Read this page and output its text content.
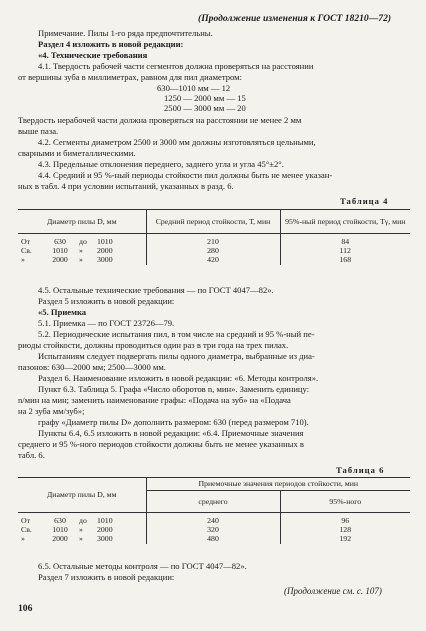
(Продолжение изменения к ГОСТ 18210—72)
Примечание. Пилы 1-го ряда предпочтительны.
Раздел 4 изложить в новой редакции:
«4. Технические требования
4.1. Твердость рабочей части сегментов должна проверяться на расстоянии
от вершины зуба в миллиметрах, равном для пил диаметром:
630—1010 мм — 12
1250 — 2000 мм — 15
2500 — 3000 мм — 20
Твердость нерабочей части должна проверяться на расстоянии не менее 2 мм
выше паза.
4.2. Сегменты диаметром 2500 и 3000 мм должны изготовляться цельными,
сварными и биметаллическими.
4.3. Предельные отклонения переднего, заднего угла и угла 45°±2°.
4.4. Средний и 95 %-ный периоды стойкости пил должны быть не менее указан-
ных в табл. 4 при условии испытаний, указанных в разд. 6.
Таблица 4
Диаметр пилы D, мм				Средний период стойкости, Т, мин	95%-ный период стойкости, Тγ, мин

От	630	до	1010	210	84
Св.	1010	»	2000	280	112
»	2000	»	3000	420	168
4.5. Остальные технические требования — по ГОСТ 4047—82».
Раздел 5 изложить в новой редакции:
«5. Приемка
5.1. Приемка — по ГОСТ 23726—79.
5.2. Периодические испытания пил, в том числе на средний и 95 %-ный пе-
риоды стойкости, должны проводиться один раз в три года на трех пилах.
Испытаниям следует подвергать пилы одного диаметра, выбранные из диа-
пазонов: 630—2000 мм; 2500—3000 мм.
Раздел 6. Наименование изложить в новой редакции: «6. Методы контроля».
Пункт 6.3. Таблица 5. Графа «Число оборотов n, мин». Заменить единицу:
n/мин на мин; заменить наименование графы: «Подача на зуб» на «Подача
на 2 зуба мм/зуб»;
графу «Диаметр пилы D» дополнить размером: 630 (перед размером 710).
Пункты 6.4, 6.5 изложить в новой редакции: «6.4. Приемочные значения
среднего и 95 %-ного периодов стойкости должны быть не менее указанных в
табл. 6.
Таблица 6
Диаметр пилы D, мм				Приемочные значения периодов стойкости, мин	
				среднего	95%-ного

От	630	до	1010	240	96
Св.	1010	»	2000	320	128
»	2000	»	3000	480	192
6.5. Остальные методы контроля — по ГОСТ 4047—82».
Раздел 7 изложить в новой редакции:
(Продолжение см. с. 107)
106
